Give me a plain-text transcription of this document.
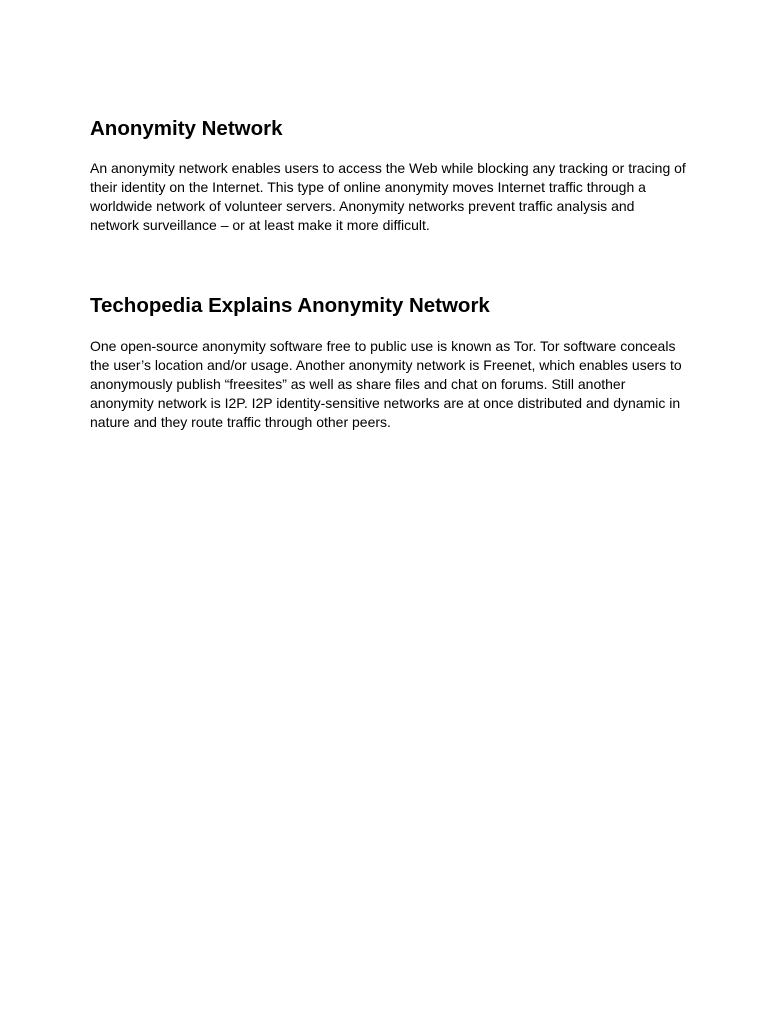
Anonymity Network

An anonymity network enables users to access the Web while blocking any tracking or tracing of
their identity on the Internet. This type of online anonymity moves Internet traffic through a
worldwide network of volunteer servers. Anonymity networks prevent traffic analysis and
network surveillance – or at least make it more difficult.

Techopedia Explains Anonymity Network

One open-source anonymity software free to public use is known as Tor. Tor software conceals
the user’s location and/or usage. Another anonymity network is Freenet, which enables users to
anonymously publish “freesites” as well as share files and chat on forums. Still another
anonymity network is I2P. I2P identity-sensitive networks are at once distributed and dynamic in
nature and they route traffic through other peers.
